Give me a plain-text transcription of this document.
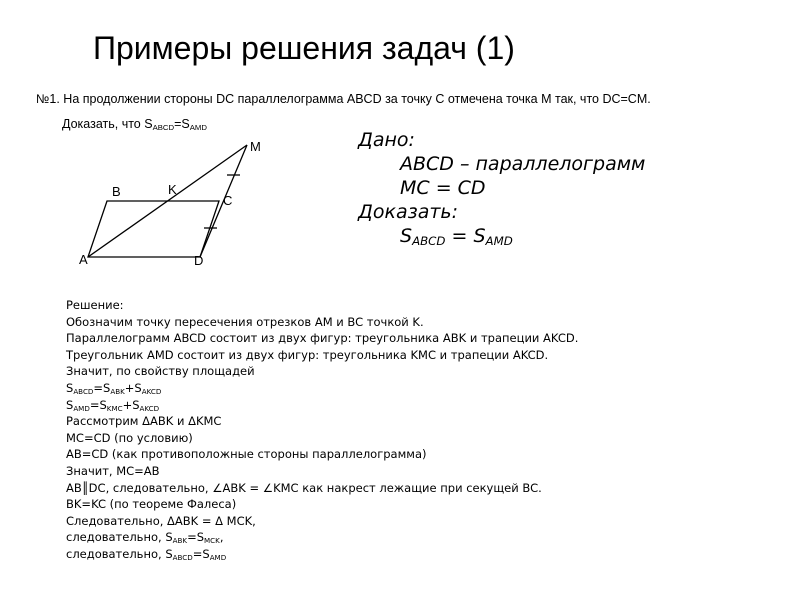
Примеры решения задач (1)
№1. На продолжении стороны DC параллелограмма ABCD за точку С отмечена точка М так, что DC=CM.
Доказать, что $S_{ABCD}=S_{AMD}$
M
B	K
C
A	D
Дано:
ABCD – параллелограмм
MC = CD
Доказать:
$S_{ABCD} = S_{AMD}$
Решение:
Обозначим точку пересечения отрезков AM и BC точкой K.
Параллелограмм ABCD состоит из двух фигур: треугольника ABK и трапеции AKCD.
Треугольник AMD состоит из двух фигур: треугольника KMC и трапеции AKCD.
Значит, по свойству площадей
$S_{ABCD}=S_{ABK}+S_{AKCD}$
$S_{AMD}=S_{KMC}+S_{AKCD}$
Рассмотрим ΔABK и ΔKMC
MC=CD (по условию)
AB=CD (как противоположные стороны параллелограмма)
Значит, MC=AB
AB║DC, следовательно, ∠ABK = ∠KMC как накрест лежащие при секущей BC.
BK=KC (по теореме Фалеса)
Следовательно, ΔABK = Δ MCK,
следовательно, $S_{ABK}=S_{MCK}$,
следовательно, $S_{ABCD}=S_{AMD}$
